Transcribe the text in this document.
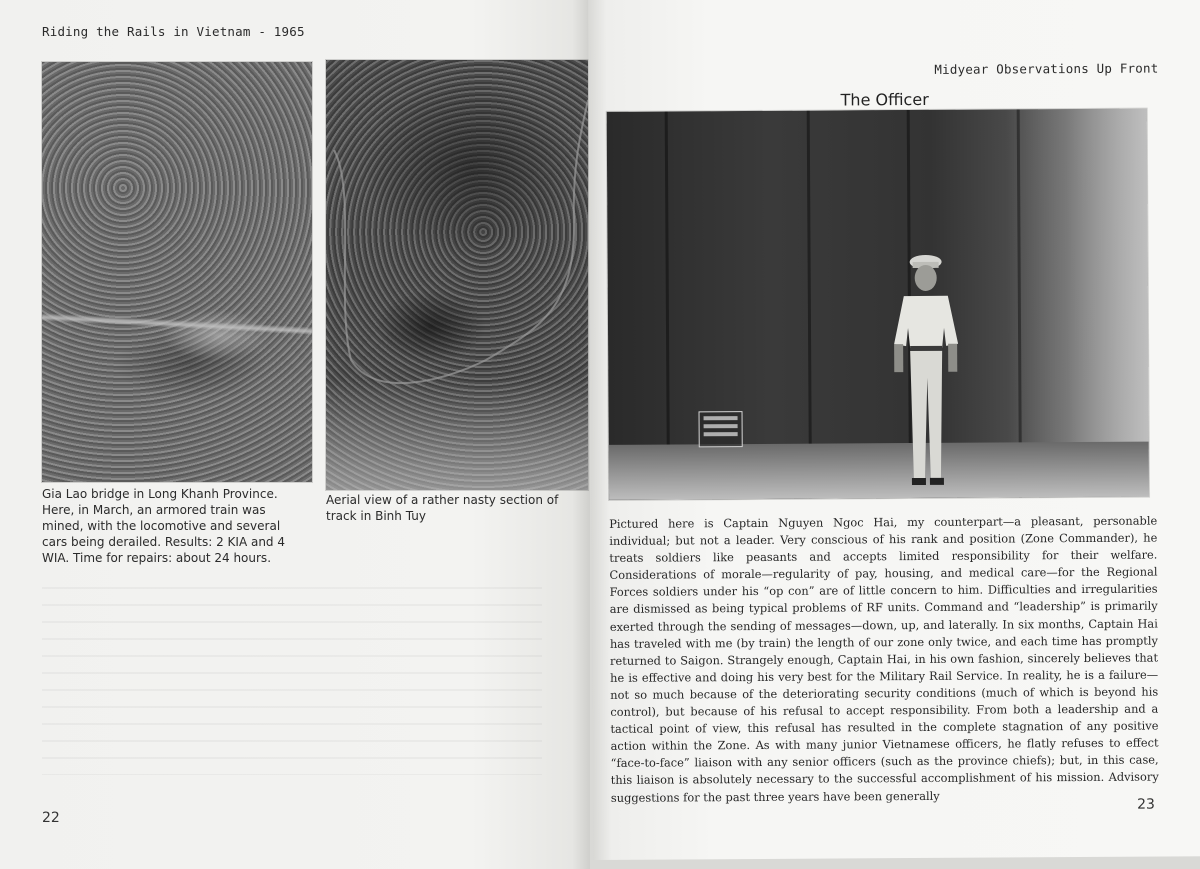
Riding the Rails in Vietnam - 1965
Gia Lao bridge in Long Khanh Province. Here, in March, an armored train was mined, with the locomotive and several cars being derailed. Results: 2 KIA and 4 WIA. Time for repairs: about 24 hours.
Aerial view of a rather nasty section of track in Binh Tuy
22
Midyear Observations Up Front
The Officer
Pictured here is Captain Nguyen Ngoc Hai, my counterpart—a pleasant, personable individual; but not a leader. Very conscious of his rank and position (Zone Commander), he treats soldiers like peasants and accepts limited responsibility for their welfare. Considerations of morale—regularity of pay, housing, and medical care—for the Regional Forces soldiers under his “op con” are of little concern to him. Difficulties and irregularities are dismissed as being typical problems of RF units. Command and “leadership” is primarily exerted through the sending of messages—down, up, and laterally. In six months, Captain Hai has traveled with me (by train) the length of our zone only twice, and each time has promptly returned to Saigon. Strangely enough, Captain Hai, in his own fashion, sincerely believes that he is effective and doing his very best for the Military Rail Service. In reality, he is a failure—not so much because of the deteriorating security conditions (much of which is beyond his control), but because of his refusal to accept responsibility. From both a leadership and a tactical point of view, this refusal has resulted in the complete stagnation of any positive action within the Zone. As with many junior Vietnamese officers, he flatly refuses to effect “face-to-face” liaison with any senior officers (such as the province chiefs); but, in this case, this liaison is absolutely necessary to the successful accomplishment of his mission. Advisory suggestions for the past three years have been generally
23
